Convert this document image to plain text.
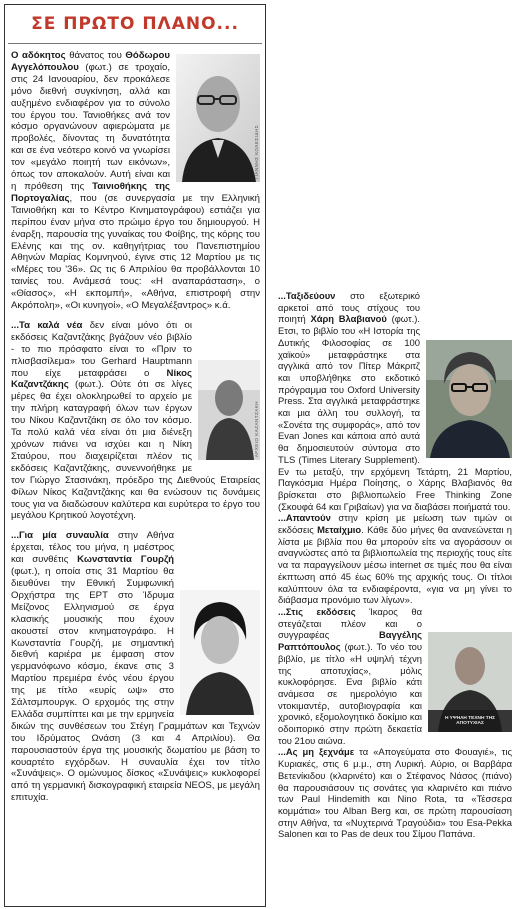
ΣΕ ΠΡΩΤΟ ΠΛΑΝΟ...
ΓΙΑΝΝΗΣ ΚΟΛΕΣΙΔΗΣ

Ο αδόκητος θάνατος του Θόδωρου Αγγελόπουλου (φωτ.) σε τροχαίο, στις 24 Ιανουαρίου, δεν προκάλεσε μόνο διεθνή συγκίνηση, αλλά και αυξημένο ενδιαφέρον για το σύνολο του έργου του. Τανιοθήκες ανά τον κόσμο οργανώνουν αφιερώματα με προβολές, δίνοντας τη δυνατότητα και σε ένα νεότερο κοινό να γνωρίσει τον «μεγάλο ποιητή των εικόνων», όπως τον αποκαλούν. Αυτή είναι και η πρόθεση της Ταινιοθήκης της Πορτογαλίας, που (σε συνεργασία με την Ελληνική Ταινιοθήκη και το Κέντρο Κινηματογράφου) εστιάζει για περίπου έναν μήνα στο πρώιμο έργο του δημιουργού. Η έναρξη, παρουσία της γυναίκας του Φοίβης, της κόρης του Ελένης και της ον. καθηγήτριας του Πανεπιστημίου Αθηνών Μαρίας Κομνηνού, έγινε στις 12 Μαρτίου με τις «Μέρες του '36». Ως τις 6 Απριλίου θα προβάλλονται 10 ταινίες του. Ανάμεσά τους: «Η αναπαράσταση», ο «Θίασος», «Η εκπομπή», «Αθήνα, επιστροφή στην Ακρόπολη», «Οι κυνηγοί», «Ο Μεγαλέξαντρος» κ.ά.

ΑΡΧΕΙΟ ΚΑΖΑΝΤΖΑΚΗ

...Τα καλά νέα δεν είναι μόνο ότι οι εκδόσεις Καζαντζάκης βγάζουν νέο βιβλίο - το πιο πρόσφατο είναι το «Πριν το πλισβασίλεμα» του Gerhard Hauptmann που είχε μεταφράσει ο Νίκος Καζαντζάκης (φωτ.). Ούτε ότι σε λίγες μέρες θα έχει ολοκληρωθεί το αρχείο με την πλήρη καταγραφή όλων των έργων του Νίκου Καζαντζάκη σε όλο τον κόσμο. Τα πολύ καλά νέα είναι ότι μια διένεξη χρόνων πιάνει να ισχύει και η Νίκη Σταύρου, που διαχειρίζεται πλέον τις εκδόσεις Καζαντζάκης, συνεννοήθηκε με τον Γιώργο Στασινάκη, πρόεδρο της Διεθνούς Εταιρείας Φίλων Νίκος Καζαντζάκης και θα ενώσουν τις δυνάμεις τους για να διαδώσουν καλύτερα και ευρύτερα το έργο του μεγάλου Κρητικού λογοτέχνη.

...Για μία συναυλία στην Αθήνα έρχεται, τέλος του μήνα, η μαέστρος και συνθέτις Κωνσταντία Γουρζή (φωτ.), η οποία στις 31 Μαρτίου θα διευθύνει την Εθνική Συμφωνική Ορχήστρα της ΕΡΤ στο Ίδρυμα Μείζονος Ελληνισμού σε έργα κλασικής μουσικής που έχουν ακουστεί στον κινηματογράφο. Η Κωνσταντία Γουρζή, με σημαντική διεθνή καριέρα με έμφαση στον γερμανόφωνο κόσμο, έκανε στις 3 Μαρτίου πρεμιέρα ένός νέου έργου της με τίτλο «ευρίς ωψ» στο Σάλτσμπουργκ. Ο ερχομός της στην Ελλάδα συμπίπτει και με την ερμηνεία δικών της συνθέσεων του Στέγη Γραμμάτων και Τεχνών του Ιδρύματος Ωνάση (3 και 4 Απριλίου). Θα παρουσιαστούν έργα της μουσικής δωματίου με βάση το κουαρτέτο εγχόρδων. Η συναυλία έχει τον τίτλο «Συνάψεις». Ο ομώνυμος δίσκος «Συνάψεις» κυκλοφορεί από τη γερμανική δισκογραφική εταιρεία NEOS, με μεγάλη επιτυχία.

...Ταξιδεύουν στο εξωτερικό αρκετοί από τους στίχους του ποιητή Χάρη Βλαβιανού (φωτ.). Ετσι, το βιβλίο του «Η Ιστορία της Δυτικής Φιλοσοφίας σε 100 χαϊκού» μεταφράστηκε στα αγγλικά από τον Πίτερ Μάκριτζ και υποβλήθηκε στο εκδοτικό πρόγραμμα του Oxford University Press. Στα αγγλικά μεταφράστηκε και μια άλλη του συλλογή, τα «Σονέτα της συμφοράς», από τον Evan Jones και κάποια από αυτά θα δημοσιευτούν σύντομα στο TLS (Times Literary Supplement). Εν τω μεταξύ, την ερχόμενη Τετάρτη, 21 Μαρτίου, Παγκόσμια Ημέρα Ποίησης, ο Χάρης Βλαβιανός θα βρίσκεται στο βιβλιοπωλείο Free Thinking Zone (Σκουφά 64 και Γριβαίων) για να διαβάσει ποιήματά του.

...Απαντούν στην κρίση με μείωση των τιμών οι εκδόσεις Μεταίχμιο. Κάθε δύο μήνες θα ανανεώνεται η λίστα με βιβλία που θα μπορούν είτε να αγοράσουν οι αναγνώστες από τα βιβλιοπωλεία της περιοχής τους είτε να τα παραγγείλουν μέσω internet σε τιμές που θα είναι έκπτωση από 45 έως 60% της αρχικής τους. Οι τίτλοι καλύπτουν όλα τα ενδιαφέροντα, «για να μη γίνει το διάβασμα προνόμιο των λίγων».

Η ΥΨΗΛΗ ΤΕΧΝΗ ΤΗΣ ΑΠΟΤΥΧΙΑΣ

...Στις εκδόσεις Ίκαρος θα στεγάζεται πλέον και ο συγγραφέας Βαγγέλης Ραπτόπουλος (φωτ.). Το νέο του βιβλίο, με τίτλο «Η υψηλή τέχνη της αποτυχίας», μόλις κυκλοφόρησε. Ενα βιβλίο κάτι ανάμεσα σε ημερολόγιο και ντοκιμαντέρ, αυτοβιογραφία και χρονικό, εξομολογητικό δοκίμιο και οδοιπορικό στην πρώτη δεκαετία του 21ου αιώνα.

...Ας μη ξεχνάμε τα «Απογεύματα στο Φουαγιέ», τις Κυριακές, στις 6 μ.μ., στη Λυρική. Αύριο, οι Βαρβάρα Βετενίκιδου (κλαρινέτο) και ο Στέφανος Νάσος (πιάνο) θα παρουσιάσουν τις σονάτες για κλαρινέτο και πιάνο των Paul Hindemith και Nino Rota, τα «Τέσσερα κομμάτια» του Alban Berg και, σε πρώτη παρουσίαση στην Αθήνα, τα «Νυχτερινά Τραγούδια» του Esa-Pekka Salonen και το Pas de deux του Σίμου Παπάνα.
